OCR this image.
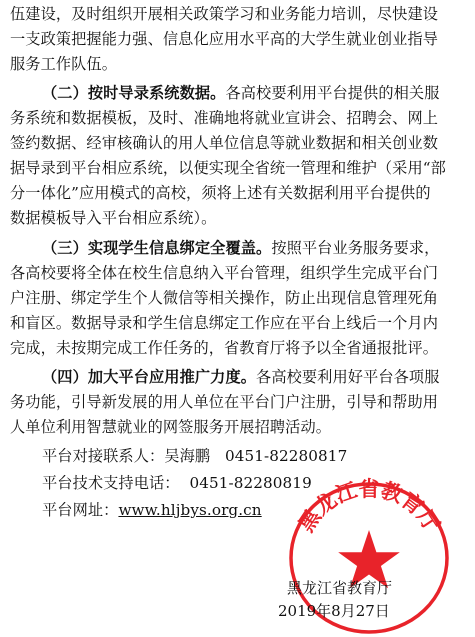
伍建设，及时组织开展相关政策学习和业务能力培训，尽快建设
一支政策把握能力强、信息化应用水平高的大学生就业创业指导
服务工作队伍。
（二）按时导录系统数据。各高校要利用平台提供的相关服
务系统和数据模板，及时、准确地将就业宣讲会、招聘会、网上
签约数据、经审核确认的用人单位信息等就业数据和相关创业数
据导录到平台相应系统，以便实现全省统一管理和维护（采用“部
分一体化”应用模式的高校，须将上述有关数据利用平台提供的
数据模板导入平台相应系统）。
（三）实现学生信息绑定全覆盖。按照平台业务服务要求，
各高校要将全体在校生信息纳入平台管理，组织学生完成平台门
户注册、绑定学生个人微信等相关操作，防止出现信息管理死角
和盲区。数据导录和学生信息绑定工作应在平台上线后一个月内
完成，未按期完成工作任务的，省教育厅将予以全省通报批评。
（四）加大平台应用推广力度。各高校要利用好平台各项服
务功能，引导新发展的用人单位在平台门户注册，引导和帮助用
人单位利用智慧就业的网签服务开展招聘活动。
平台对接联系人：吴海鹏   0451-82280817
平台技术支持电话：  0451-82280819
平台网址：www.hljbys.org.cn 黑龙江省教育厅
黑龙江省教育厅
2019年8月27日
